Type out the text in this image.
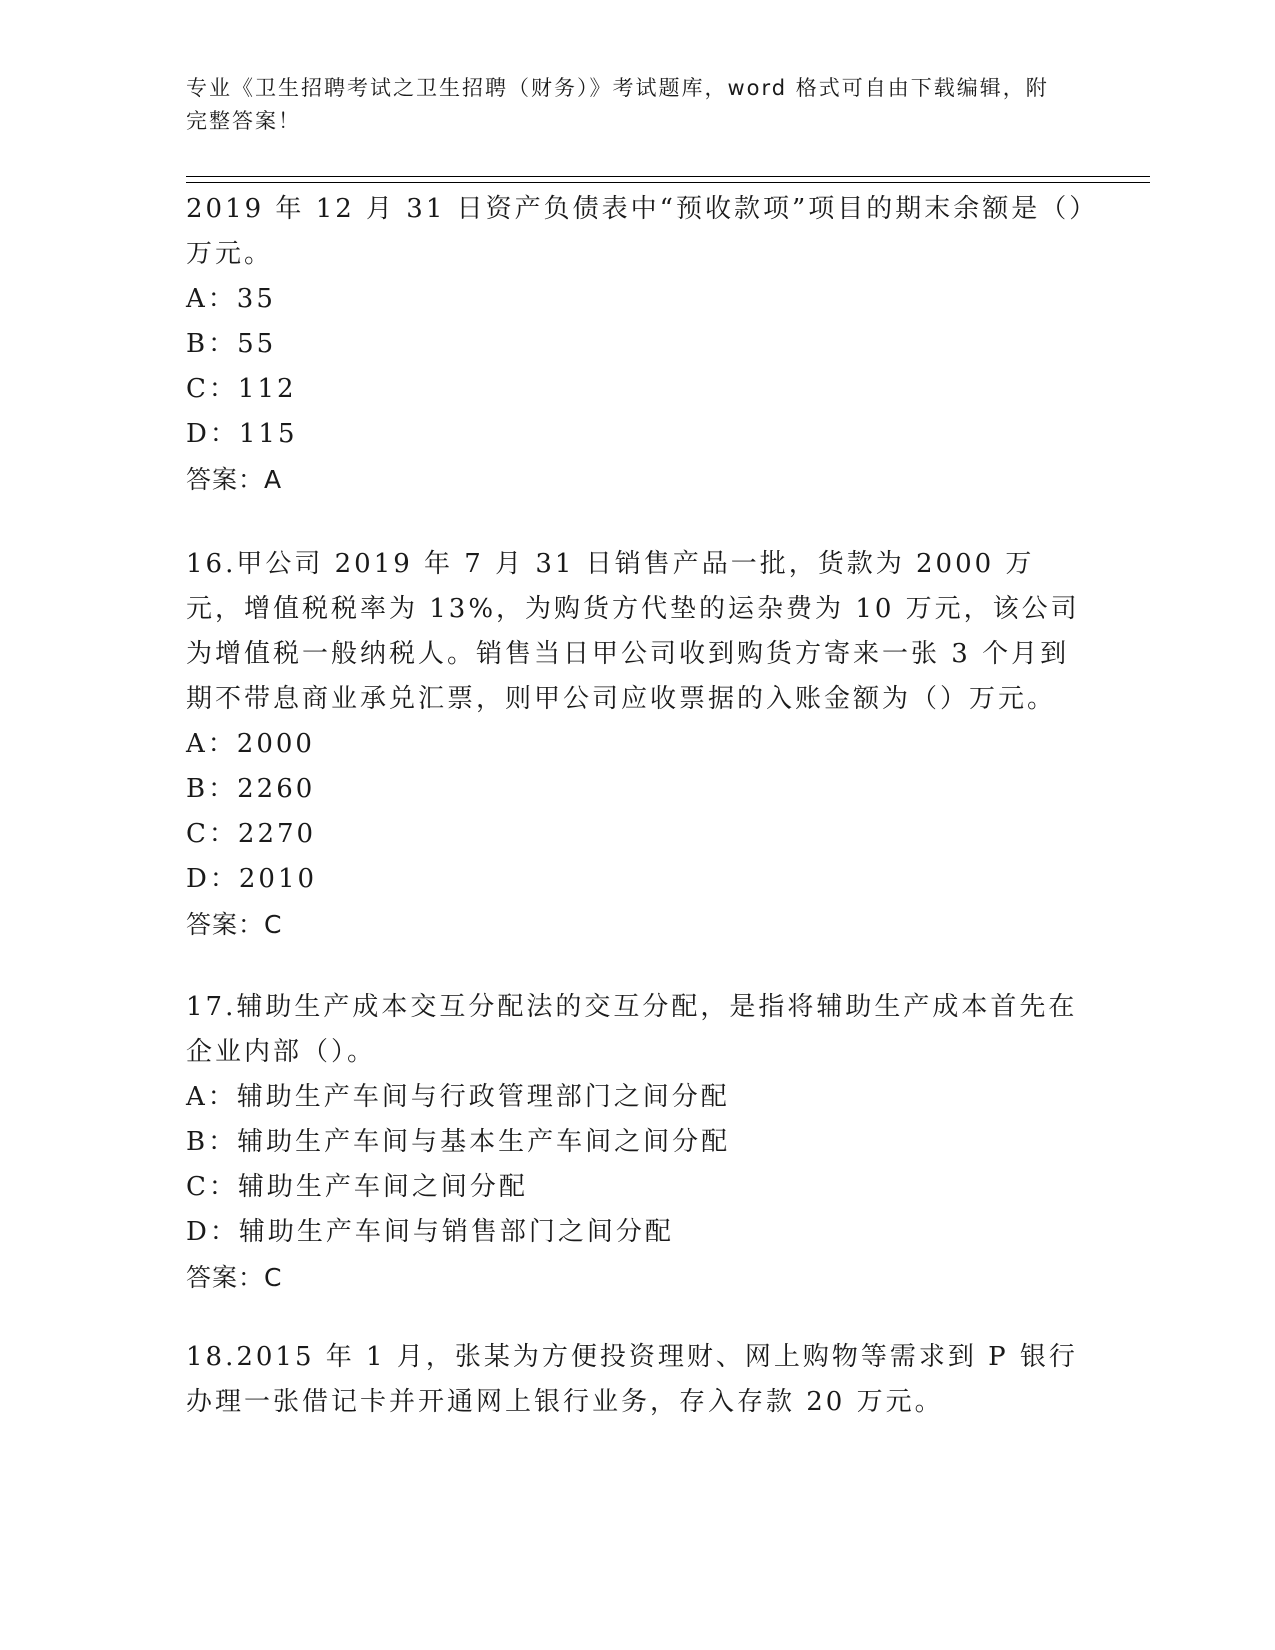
专业《卫生招聘考试之卫生招聘（财务）》考试题库，word 格式可自由下载编辑，附完整答案！
2019 年 12 月 31 日资产负债表中“预收款项”项目的期末余额是（）万元。
A：35
B：55
C：112
D：115
答案：A
16.甲公司 2019 年 7 月 31 日销售产品一批，货款为 2000 万元，增值税税率为 13%，为购货方代垫的运杂费为 10 万元，该公司为增值税一般纳税人。销售当日甲公司收到购货方寄来一张 3 个月到期不带息商业承兑汇票，则甲公司应收票据的入账金额为（）万元。
A：2000
B：2260
C：2270
D：2010
答案：C
17.辅助生产成本交互分配法的交互分配，是指将辅助生产成本首先在企业内部（）。
A：辅助生产车间与行政管理部门之间分配
B：辅助生产车间与基本生产车间之间分配
C：辅助生产车间之间分配
D：辅助生产车间与销售部门之间分配
答案：C
18.2015 年 1 月，张某为方便投资理财、网上购物等需求到 P 银行办理一张借记卡并开通网上银行业务，存入存款 20 万元。
